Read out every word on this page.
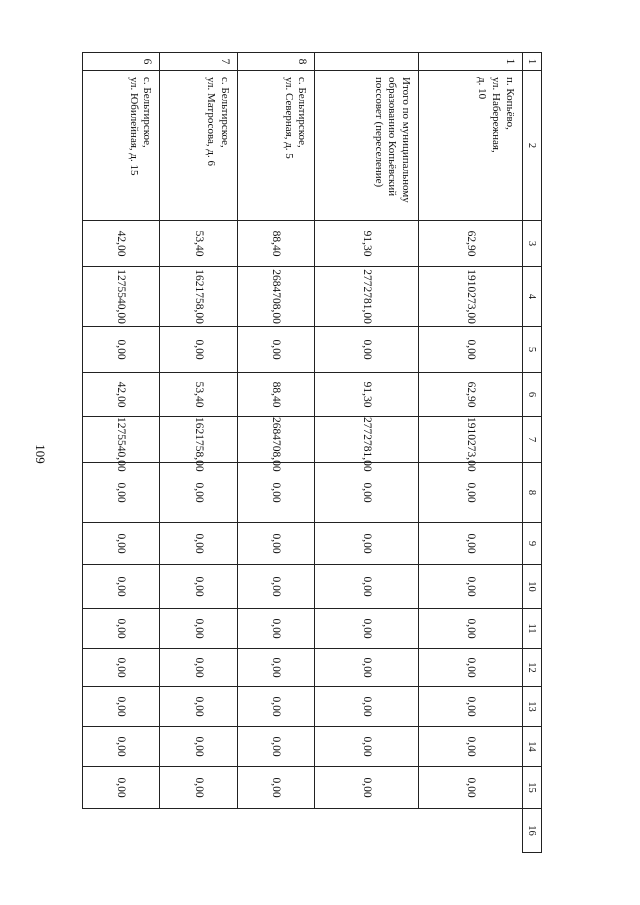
109
1	2	3	4	5	6	7	8	9	10	11	12	13	14	15	16
1	п. Копьёво,
ул. Набережная,
д. 10	62,90	1910273,00	0,00	62,90	1910273,00	0,00	0,00	0,00	0,00	0,00	0,00	0,00	0,00	

	Итого по муниципальному
образованию Копьёвский
поссовет (переселение)	91,30	2772781,00	0,00	91,30	2772781,00	0,00	0,00	0,00	0,00	0,00	0,00	0,00	0,00	
8	с. Бельтирское,
ул. Северная, д. 5	88,40	2684708,00	0,00	88,40	2684708,00	0,00	0,00	0,00	0,00	0,00	0,00	0,00	0,00	
7	с. Бельтирское,
ул. Матросова, д. 6	53,40	1621758,00	0,00	53,40	1621758,00	0,00	0,00	0,00	0,00	0,00	0,00	0,00	0,00	
6	с. Бельтирское,
ул. Юбилейная, д. 15	42,00	1275540,00	0,00	42,00	1275540,00	0,00	0,00	0,00	0,00	0,00	0,00	0,00	0,00	
